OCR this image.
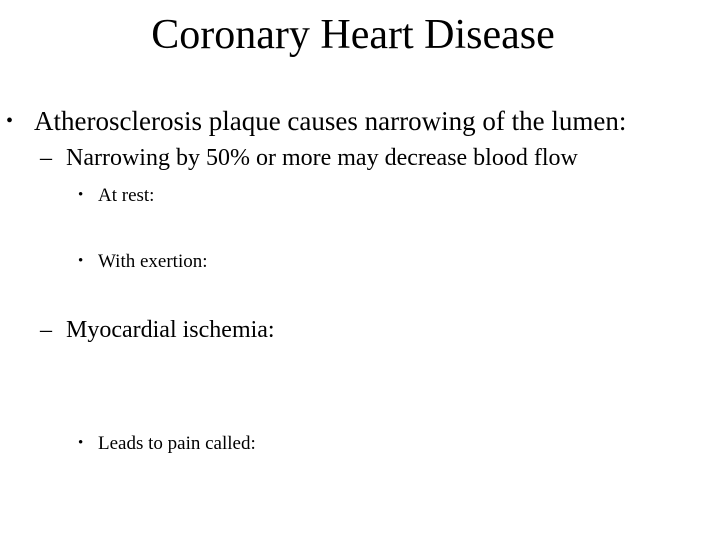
Coronary Heart Disease
• Atherosclerosis plaque causes narrowing of the lumen:
– Narrowing by 50% or more may decrease blood flow
• At rest:
• With exertion:
– Myocardial ischemia:
• Leads to pain called:
